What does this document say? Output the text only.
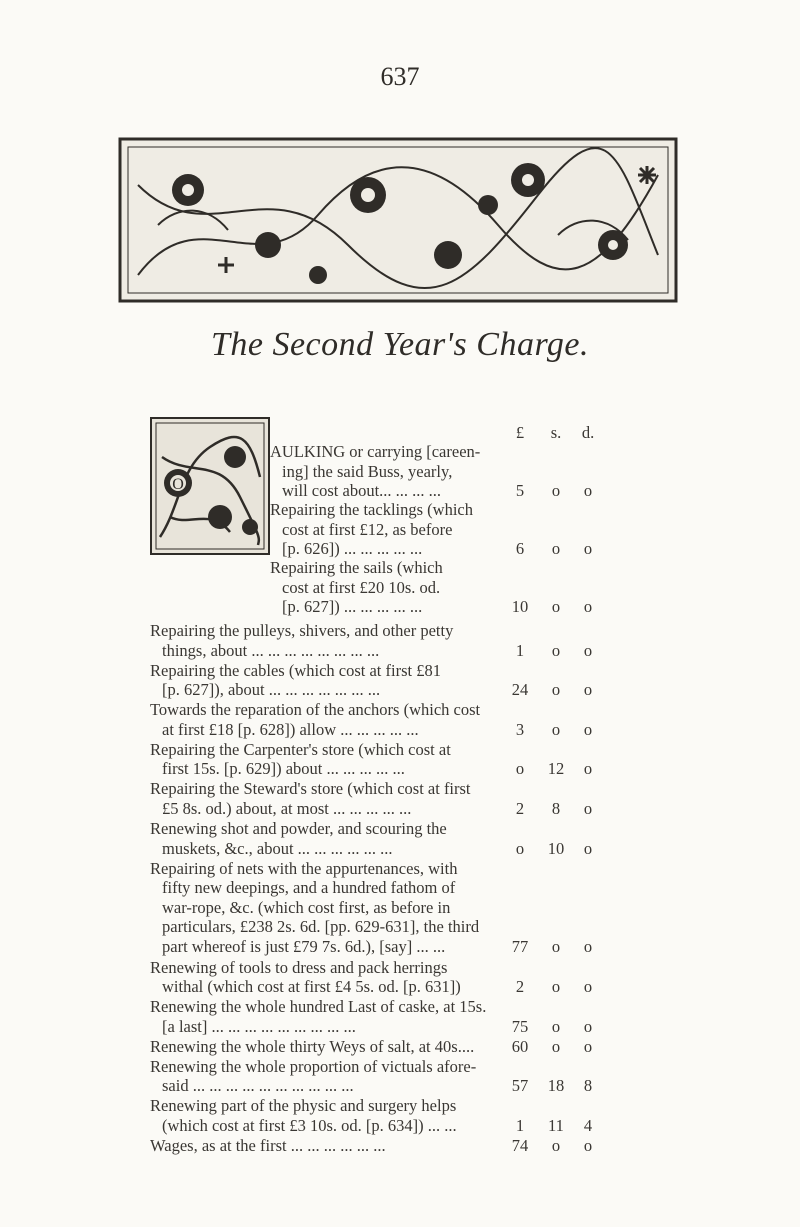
637
The Second Year's Charge.
O
£	s.	d.
AULKING or carrying [careen-
ing] the said Buss, yearly,
will cost about... ... ... ...	5	o	o
Repairing the tacklings (which
cost at first £12, as before
[p. 626]) ... ... ... ... ...	6	o	o
Repairing the sails (which
cost at first £20 10s. od.
[p. 627]) ... ... ... ... ...	10	o	o
Repairing the pulleys, shivers, and other petty
things, about ... ... ... ... ... ... ... ...	1	o	o
Repairing the cables (which cost at first £81
[p. 627]), about ... ... ... ... ... ... ...	24	o	o
Towards the reparation of the anchors (which cost
at first £18 [p. 628]) allow ... ... ... ... ...	3	o	o
Repairing the Carpenter's store (which cost at
first 15s. [p. 629]) about ... ... ... ... ...	o	12	o
Repairing the Steward's store (which cost at first
£5 8s. od.) about, at most ... ... ... ... ...	2	8	o
Renewing shot and powder, and scouring the
muskets, &c., about ... ... ... ... ... ...	o	10	o
Repairing of nets with the appurtenances, with
fifty new deepings, and a hundred fathom of
war-rope, &c. (which cost first, as before in
particulars, £238 2s. 6d. [pp. 629-631], the third
part whereof is just £79 7s. 6d.), [say] ... ...	77	o	o
Renewing of tools to dress and pack herrings
withal (which cost at first £4 5s. od. [p. 631])	2	o	o
Renewing the whole hundred Last of caske, at 15s.
[a last] ... ... ... ... ... ... ... ... ...	75	o	o
Renewing the whole thirty Weys of salt, at 40s....	60	o	o
Renewing the whole proportion of victuals afore-
said ... ... ... ... ... ... ... ... ... ...	57	18	8
Renewing part of the physic and surgery helps
(which cost at first £3 10s. od. [p. 634]) ... ...	1	11	4
Wages, as at the first ... ... ... ... ... ...	74	o	o
